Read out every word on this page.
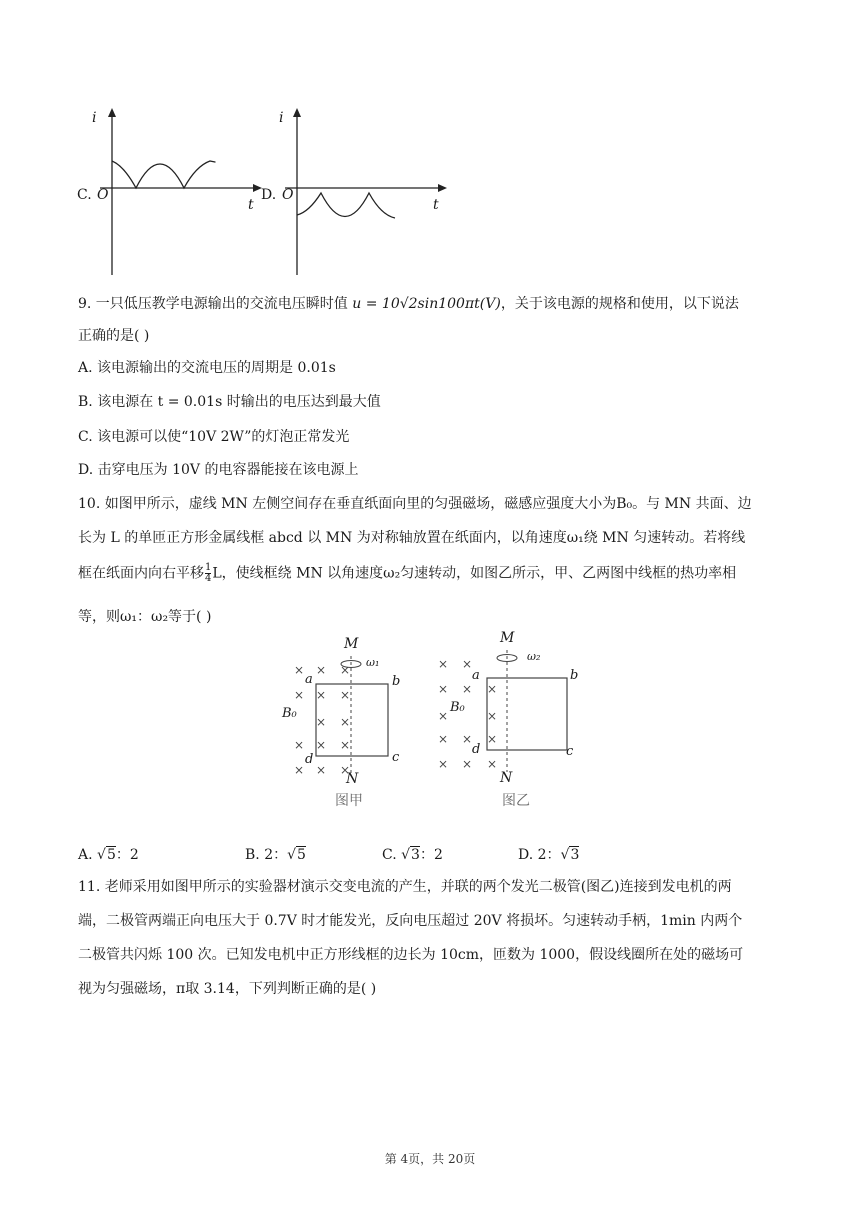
C. O
i
t
D. O
i
t
9. 一只低压教学电源输出的交流电压瞬时值 u = 10√2sin100πt(V)，关于该电源的规格和使用，以下说法
正确的是( )
A. 该电源输出的交流电压的周期是 0.01s
B. 该电源在 t = 0.01s 时输出的电压达到最大值
C. 该电源可以使“10V 2W”的灯泡正常发光
D. 击穿电压为 10V 的电容器能接在该电源上
10. 如图甲所示，虚线 MN 左侧空间存在垂直纸面向里的匀强磁场，磁感应强度大小为B₀。与 MN 共面、边
长为 L 的单匝正方形金属线框 abcd 以 MN 为对称轴放置在纸面内，以角速度ω₁绕 MN 匀速转动。若将线
框在纸面内向右平移 $\frac{1}{4}$ L，使线框绕 MN 以角速度ω₂匀速转动，如图乙所示，甲、乙两图中线框的热功率相
等，则ω₁：ω₂等于( )
× × ×
× × ×
× ×
× × ×
× × ×
M
ω₁
a	b
c
d
B₀
N
图甲
× ×
× × ×
×	×
× × ×
× × ×
M
ω₂
a	b
c
d
B₀
N
图乙
A. √5：2	B. 2：√5	C. √3：2	D. 2：√3
11. 老师采用如图甲所示的实验器材演示交变电流的产生，并联的两个发光二极管(图乙)连接到发电机的两
端，二极管两端正向电压大于 0.7V 时才能发光，反向电压超过 20V 将损坏。匀速转动手柄，1min 内两个
二极管共闪烁 100 次。已知发电机中正方形线框的边长为 10cm，匝数为 1000，假设线圈所在处的磁场可
视为匀强磁场，π取 3.14，下列判断正确的是( )
第 4页，共 20页
